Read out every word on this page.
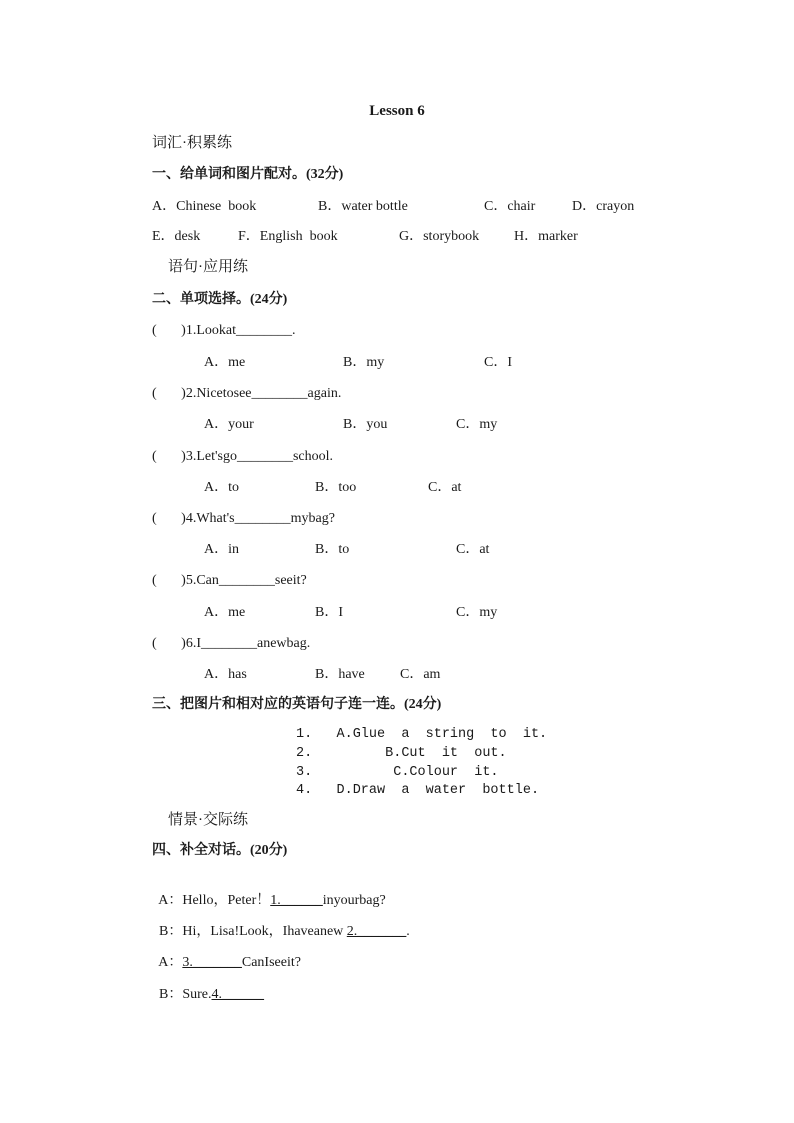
Lesson 6
词汇·积累练
一、给单词和图片配对。(32分)
A．Chinese  book	B．water bottle	C．chair	D．crayon
E．desk	F．English  book	G．storybook H．marker
语句·应用练
二、单项选择。(24分)
(       )1.Lookat________.
A．me	B．my	C．I
(       )2.Nicetosee________again.
A．your	B．you	C．my
(       )3.Let'sgo________school.
A．to	B．too	C．at
(       )4.What's________mybag?
A．in	B．to	C．at
(       )5.Can________seeit?
A．me	B．I	C．my
(       )6.I________anewbag.
A．has	B．have	C．am
三、把图片和相对应的英语句子连一连。(24分)
1.   A.Glue  a  string  to  it.
2.         B.Cut  it  out.
3.          C.Colour  it.
4.   D.Draw  a  water  bottle.
情景·交际练
四、补全对话。(20分)

A：Hello，Peter！1.______inyourbag?

B：Hi，Lisa!Look，Ihaveanew 2._______.

A：3._______CanIseeit?

B：Sure.4.______
